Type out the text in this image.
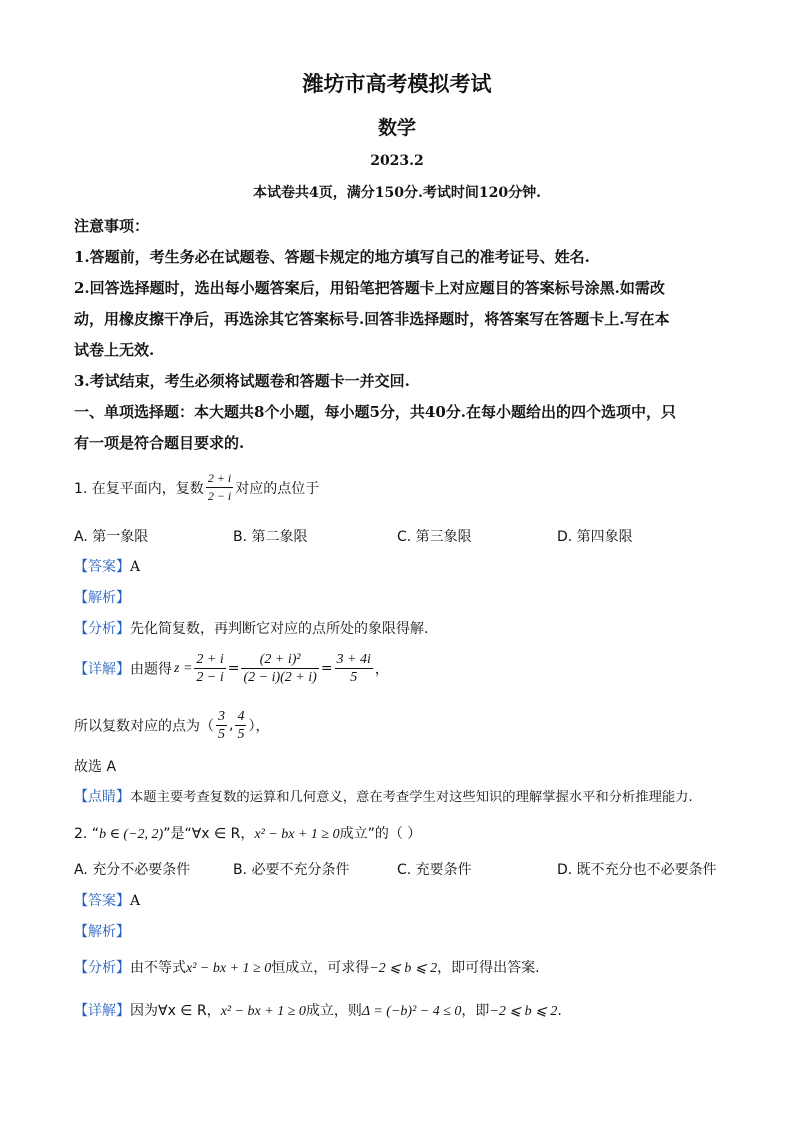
潍坊市高考模拟考试
数学
2023.2
本试卷共4页，满分150分.考试时间120分钟.
注意事项：
1.答题前，考生务必在试题卷、答题卡规定的地方填写自己的准考证号、姓名.
2.回答选择题时，选出每小题答案后，用铅笔把答题卡上对应题目的答案标号涂黑.如需改
动，用橡皮擦干净后，再选涂其它答案标号.回答非选择题时，将答案写在答题卡上.写在本
试卷上无效.
3.考试结束，考生必须将试题卷和答题卡一并交回.
一、单项选择题：本大题共8个小题，每小题5分，共40分.在每小题给出的四个选项中，只
有一项是符合题目要求的.
1. 在复平面内，复数 $\frac{2 + i}{2 - i}$ 对应的点位于
A. 第一象限	B. 第二象限	C. 第三象限	D. 第四象限
【答案】A
【解析】
【分析】先化简复数，再判断它对应的点所处的象限得解.
【详解】由题得 $z = \frac{2 + i}{2 - i} = \frac{\text{(2 + i)²}}{(2 - i)(2 + i)} = \frac{3 + 4i}{5}$ ，
所以复数对应的点为（ $\frac{3}{5}$ , $\frac{4}{5}$ ），
故选 A
【点睛】本题主要考查复数的运算和几何意义，意在考查学生对这些知识的理解掌握水平和分析推理能力.
2. “b ∈ (−2, 2)”是“∀x ∈ R，x² − bx + 1 ≥ 0成立”的（ ）
A. 充分不必要条件	B. 必要不充分条件	C. 充要条件	D. 既不充分也不必要条件
【答案】A
【解析】
【分析】由不等式x² − bx + 1 ≥ 0恒成立，可求得−2 ⩽ b ⩽ 2，即可得出答案.
【详解】因为∀x ∈ R，x² − bx + 1 ≥ 0成立，则Δ = (−b)² − 4 ≤ 0，即−2 ⩽ b ⩽ 2.
